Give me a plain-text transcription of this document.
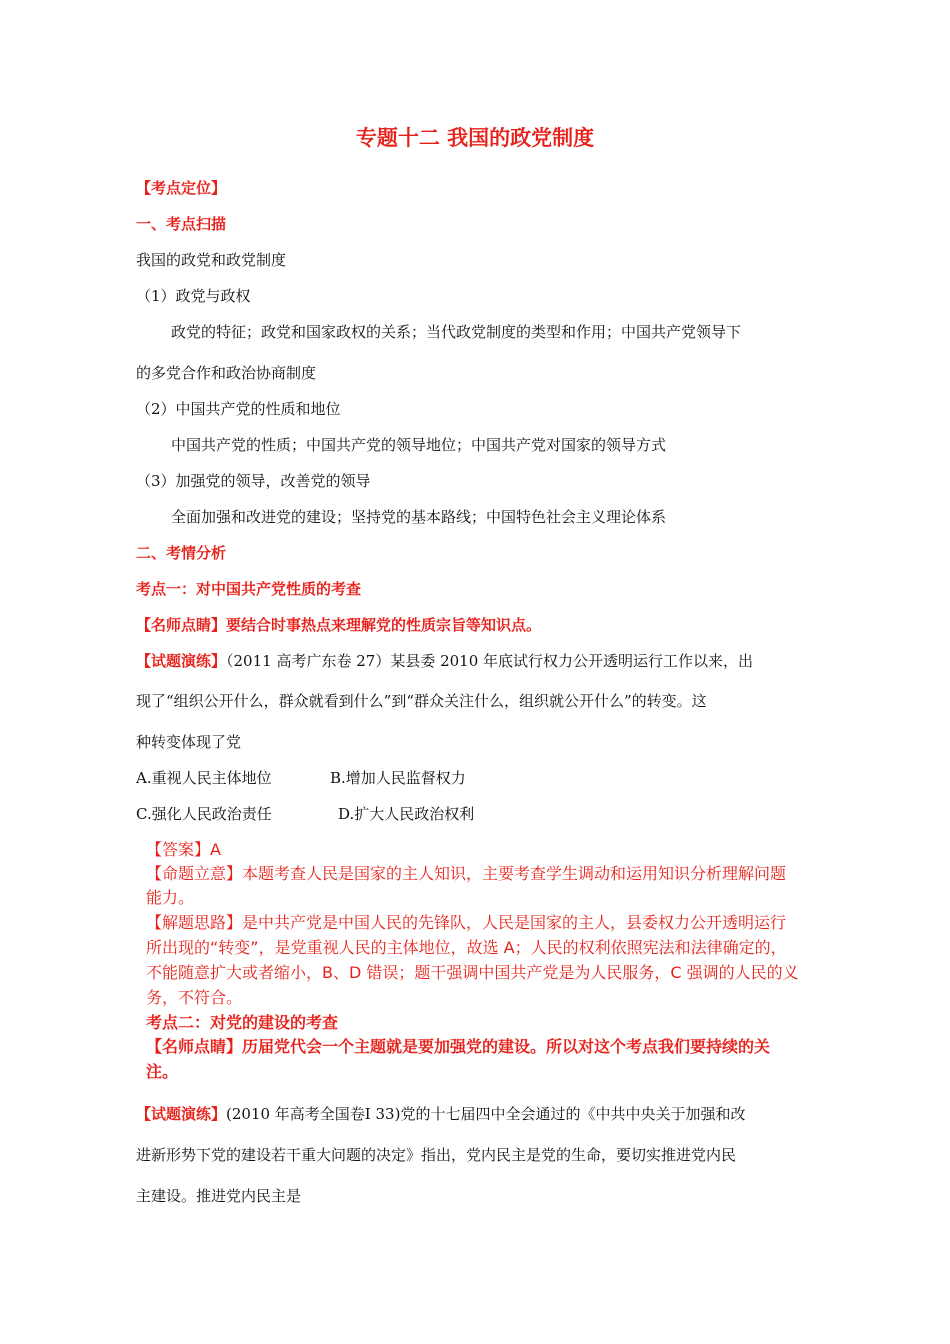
专题十二 我国的政党制度
【考点定位】
一、考点扫描
我国的政党和政党制度
（1）政党与政权
政党的特征；政党和国家政权的关系；当代政党制度的类型和作用；中国共产党领导下
的多党合作和政治协商制度
（2）中国共产党的性质和地位
中国共产党的性质；中国共产党的领导地位；中国共产党对国家的领导方式
（3）加强党的领导，改善党的领导
全面加强和改进党的建设；坚持党的基本路线；中国特色社会主义理论体系
二、考情分析
考点一：对中国共产党性质的考查
【名师点睛】要结合时事热点来理解党的性质宗旨等知识点。
【试题演练】（2011 高考广东卷 27）某县委 2010 年底试行权力公开透明运行工作以来，出
现了“组织公开什么，群众就看到什么”到“群众关注什么，组织就公开什么”的转变。这
种转变体现了党
A.重视人民主体地位	B.增加人民监督权力
C.强化人民政治责任	D.扩大人民政治权利
【答案】A
【命题立意】本题考查人民是国家的主人知识，主要考查学生调动和运用知识分析理解问题
能力。
【解题思路】是中共产党是中国人民的先锋队，人民是国家的主人，县委权力公开透明运行
所出现的“转变”，是党重视人民的主体地位，故选 A；人民的权利依照宪法和法律确定的，
不能随意扩大或者缩小，B、D 错误；题干强调中国共产党是为人民服务，C 强调的人民的义
务，不符合。
考点二：对党的建设的考查
【名师点睛】历届党代会一个主题就是要加强党的建设。所以对这个考点我们要持续的关
注。
【试题演练】(2010 年高考全国卷Ⅰ 33)党的十七届四中全会通过的《中共中央关于加强和改
进新形势下党的建设若干重大问题的决定》指出，党内民主是党的生命，要切实推进党内民
主建设。推进党内民主是
